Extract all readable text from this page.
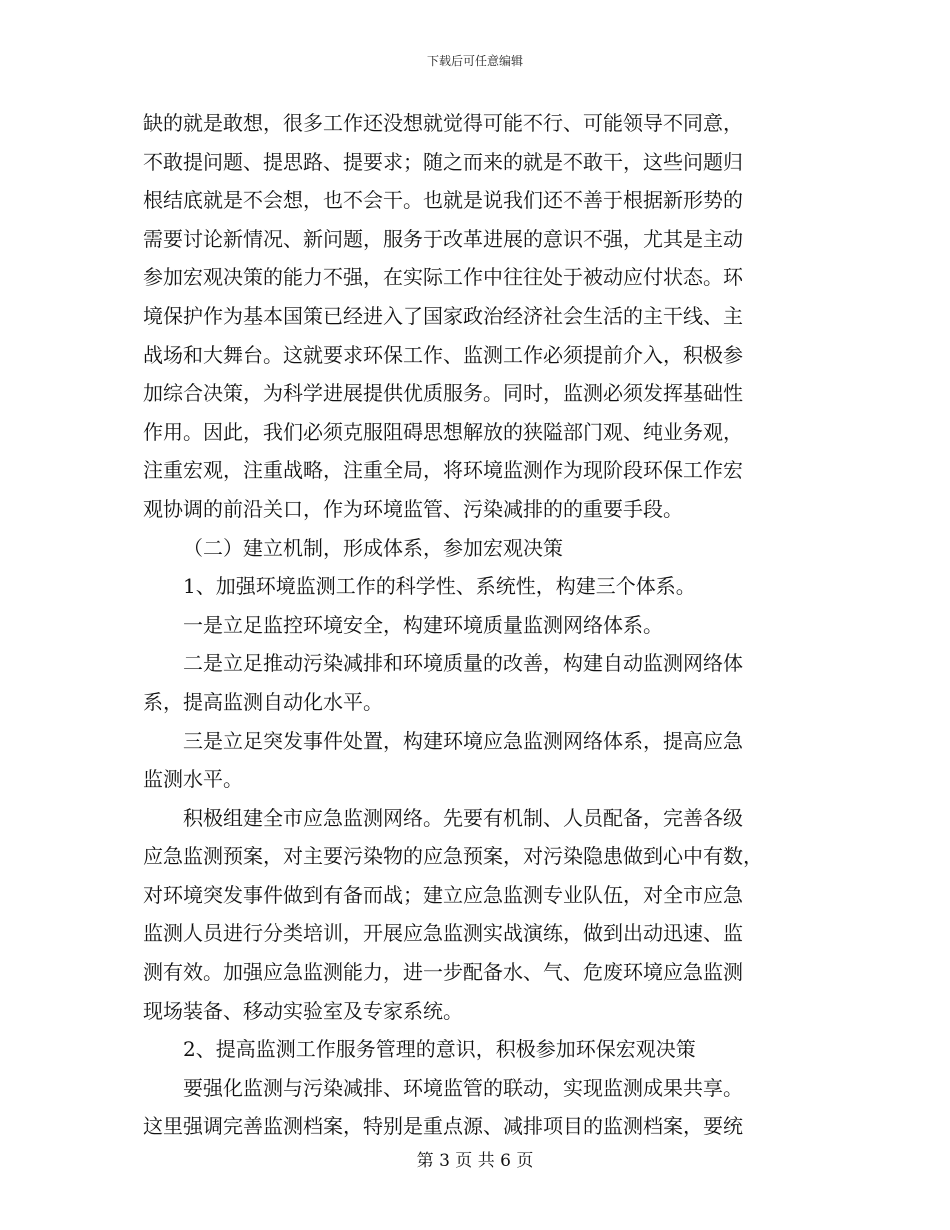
下载后可任意编辑
缺的就是敢想，很多工作还没想就觉得可能不行、可能领导不同意，
不敢提问题、提思路、提要求；随之而来的就是不敢干，这些问题归
根结底就是不会想，也不会干。也就是说我们还不善于根据新形势的
需要讨论新情况、新问题，服务于改革进展的意识不强，尤其是主动
参加宏观决策的能力不强，在实际工作中往往处于被动应付状态。环
境保护作为基本国策已经进入了国家政治经济社会生活的主干线、主
战场和大舞台。这就要求环保工作、监测工作必须提前介入，积极参
加综合决策，为科学进展提供优质服务。同时，监测必须发挥基础性
作用。因此，我们必须克服阻碍思想解放的狭隘部门观、纯业务观，
注重宏观，注重战略，注重全局，将环境监测作为现阶段环保工作宏
观协调的前沿关口，作为环境监管、污染减排的的重要手段。
（二）建立机制，形成体系，参加宏观决策
1、加强环境监测工作的科学性、系统性，构建三个体系。
一是立足监控环境安全，构建环境质量监测网络体系。
二是立足推动污染减排和环境质量的改善，构建自动监测网络体
系，提高监测自动化水平。
三是立足突发事件处置，构建环境应急监测网络体系，提高应急
监测水平。
积极组建全市应急监测网络。先要有机制、人员配备，完善各级
应急监测预案，对主要污染物的应急预案，对污染隐患做到心中有数，
对环境突发事件做到有备而战；建立应急监测专业队伍，对全市应急
监测人员进行分类培训，开展应急监测实战演练，做到出动迅速、监
测有效。加强应急监测能力，进一步配备水、气、危废环境应急监测
现场装备、移动实验室及专家系统。
2、提高监测工作服务管理的意识，积极参加环保宏观决策
要强化监测与污染减排、环境监管的联动，实现监测成果共享。
这里强调完善监测档案，特别是重点源、减排项目的监测档案，要统
第 3 页 共 6 页
